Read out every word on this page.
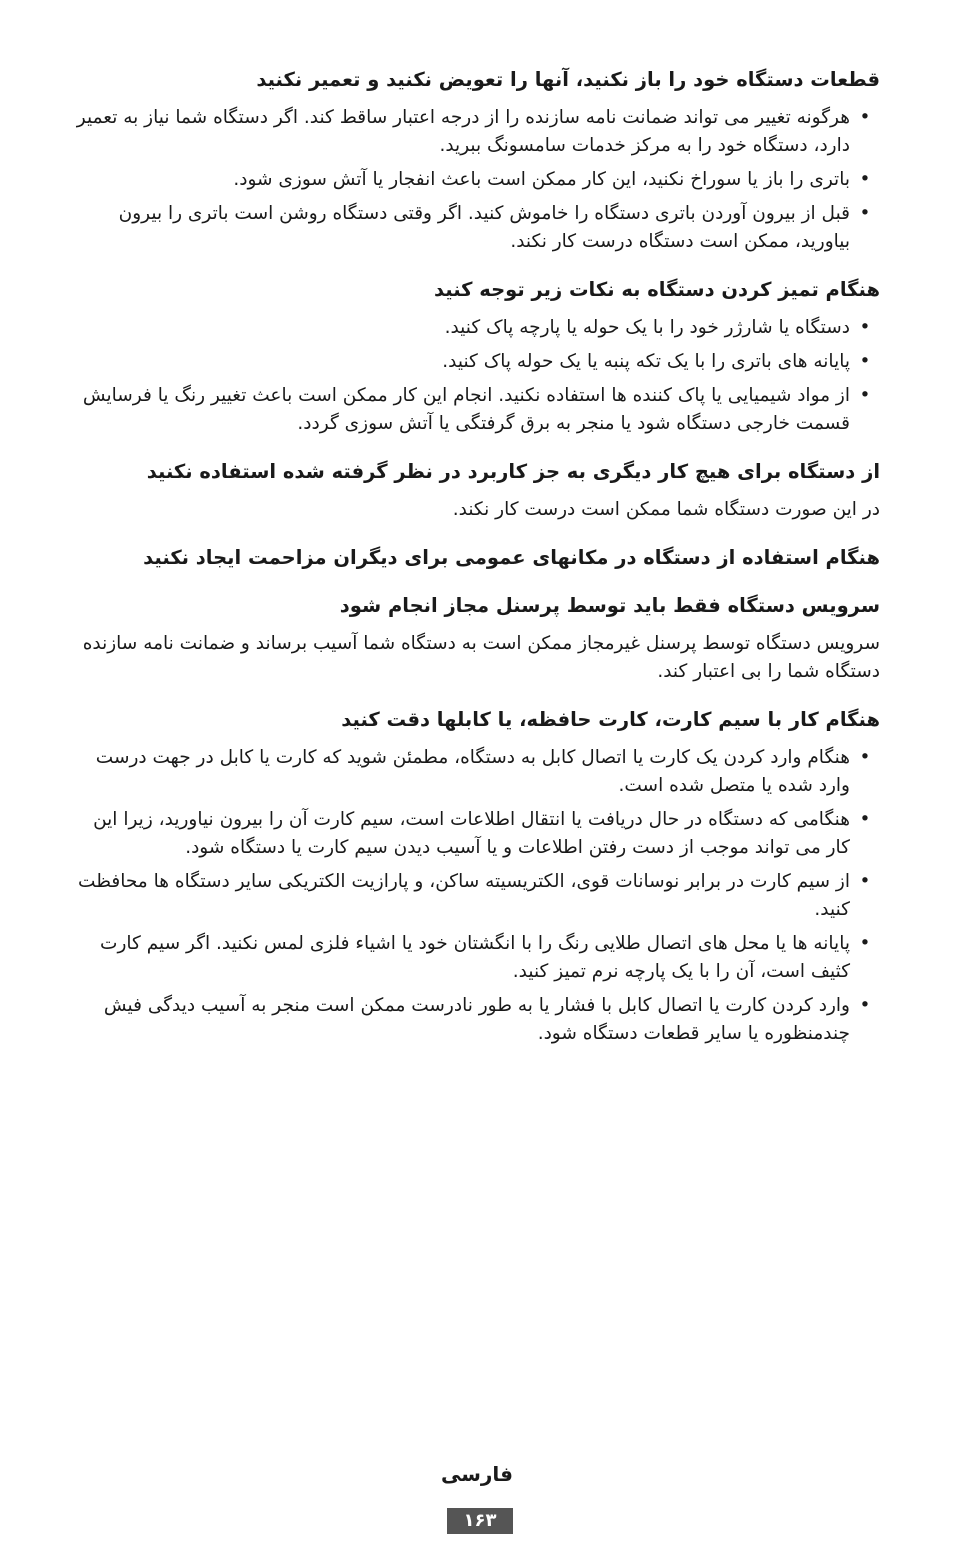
قطعات دستگاه خود را باز نکنید، آنها را تعویض نکنید و تعمیر نکنید
• هرگونه تغییر می تواند ضمانت نامه سازنده را از درجه اعتبار ساقط کند. اگر دستگاه شما نیاز به تعمیر دارد، دستگاه خود را به مرکز خدمات سامسونگ ببرید.
• باتری را باز یا سوراخ نکنید، این کار ممکن است باعث انفجار یا آتش سوزی شود.
• قبل از بیرون آوردن باتری دستگاه را خاموش کنید. اگر وقتی دستگاه روشن است باتری را بیرون بیاورید، ممکن است دستگاه درست کار نکند.
هنگام تمیز کردن دستگاه به نکات زیر توجه کنید
• دستگاه یا شارژر خود را با یک حوله یا پارچه پاک کنید.
• پایانه های باتری را با یک تکه پنبه یا یک حوله پاک کنید.
• از مواد شیمیایی یا پاک کننده ها استفاده نکنید. انجام این کار ممکن است باعث تغییر رنگ یا فرسایش قسمت خارجی دستگاه شود یا منجر به برق گرفتگی یا آتش سوزی گردد.
از دستگاه برای هیچ کار دیگری به جز کاربرد در نظر گرفته شده استفاده نکنید

در این صورت دستگاه شما ممکن است درست کار نکند.

هنگام استفاده از دستگاه در مکانهای عمومی برای دیگران مزاحمت ایجاد نکنید
سرویس دستگاه فقط باید توسط پرسنل مجاز انجام شود

سرویس دستگاه توسط پرسنل غیرمجاز ممکن است به دستگاه شما آسیب برساند و ضمانت نامه سازنده دستگاه شما را بی اعتبار کند.

هنگام کار با سیم کارت، کارت حافظه، یا کابلها دقت کنید
• هنگام وارد کردن یک کارت یا اتصال کابل به دستگاه، مطمئن شوید که کارت یا کابل در جهت درست وارد شده یا متصل شده است.
• هنگامی که دستگاه در حال دریافت یا انتقال اطلاعات است، سیم کارت آن را بیرون نیاورید، زیرا این کار می تواند موجب از دست رفتن اطلاعات و یا آسیب دیدن سیم کارت یا دستگاه شود.
• از سیم کارت در برابر نوسانات قوی، الکتریسیته ساکن، و پارازیت الکتریکی سایر دستگاه ها محافظت کنید.
• پایانه ها یا محل های اتصال طلایی رنگ را با انگشتان خود یا اشیاء فلزی لمس نکنید. اگر سیم کارت کثیف است، آن را با یک پارچه نرم تمیز کنید.
• وارد کردن کارت یا اتصال کابل با فشار یا به طور نادرست ممکن است منجر به آسیب دیدگی فیش چندمنظوره یا سایر قطعات دستگاه شود.
فارسی
۱۶۳
